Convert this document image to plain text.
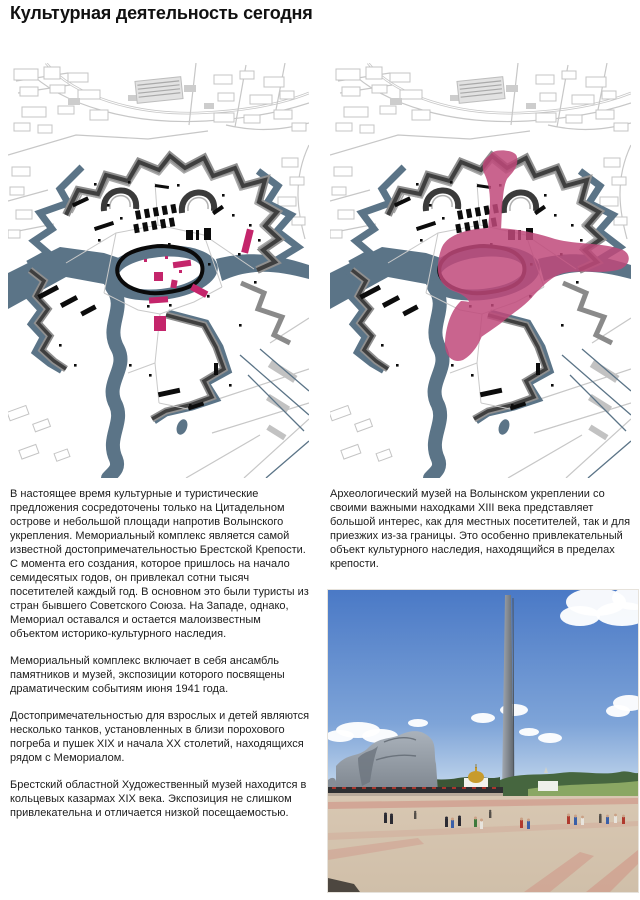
Культурная деятельность сегодня

В настоящее время культурные и туристические предложения сосредоточены только на Цитадельном острове и небольшой площади напротив Волынского укрепления. Мемориальный комплекс является самой известной достопримечательностью Брестской Крепости. С момента его создания, которое пришлось на начало семидесятых годов, он привлекал сотни тысяч посетителей каждый год. В основном это были туристы из стран бывшего Советского Союза. На Западе, однако, Мемориал оставался и остается малоизвестным объектом историко-культурного наследия.

Мемориальный комплекс включает в себя ансамбль памятников и музей, экспозиции которого посвящены драматическим событиям июня 1941 года.

Достопримечательностью для взрослых и детей являются несколько танков, установленных в близи порохового погреба и пушек XIX и начала XX столетий, находящихся рядом с Мемориалом.

Брестский областной Художественный музей находится в кольцевых казармах XIX века. Экспозиция не слишком привлекательна и отличается низкой посещаемостью.

Археологический музей на Волынском укреплении со своими важными находками XIII века представляет большой интерес, как для местных посетителей, так и для приезжих из-за границы. Это особенно привлекательный объект культурного наследия, находящийся в пределах крепости.
